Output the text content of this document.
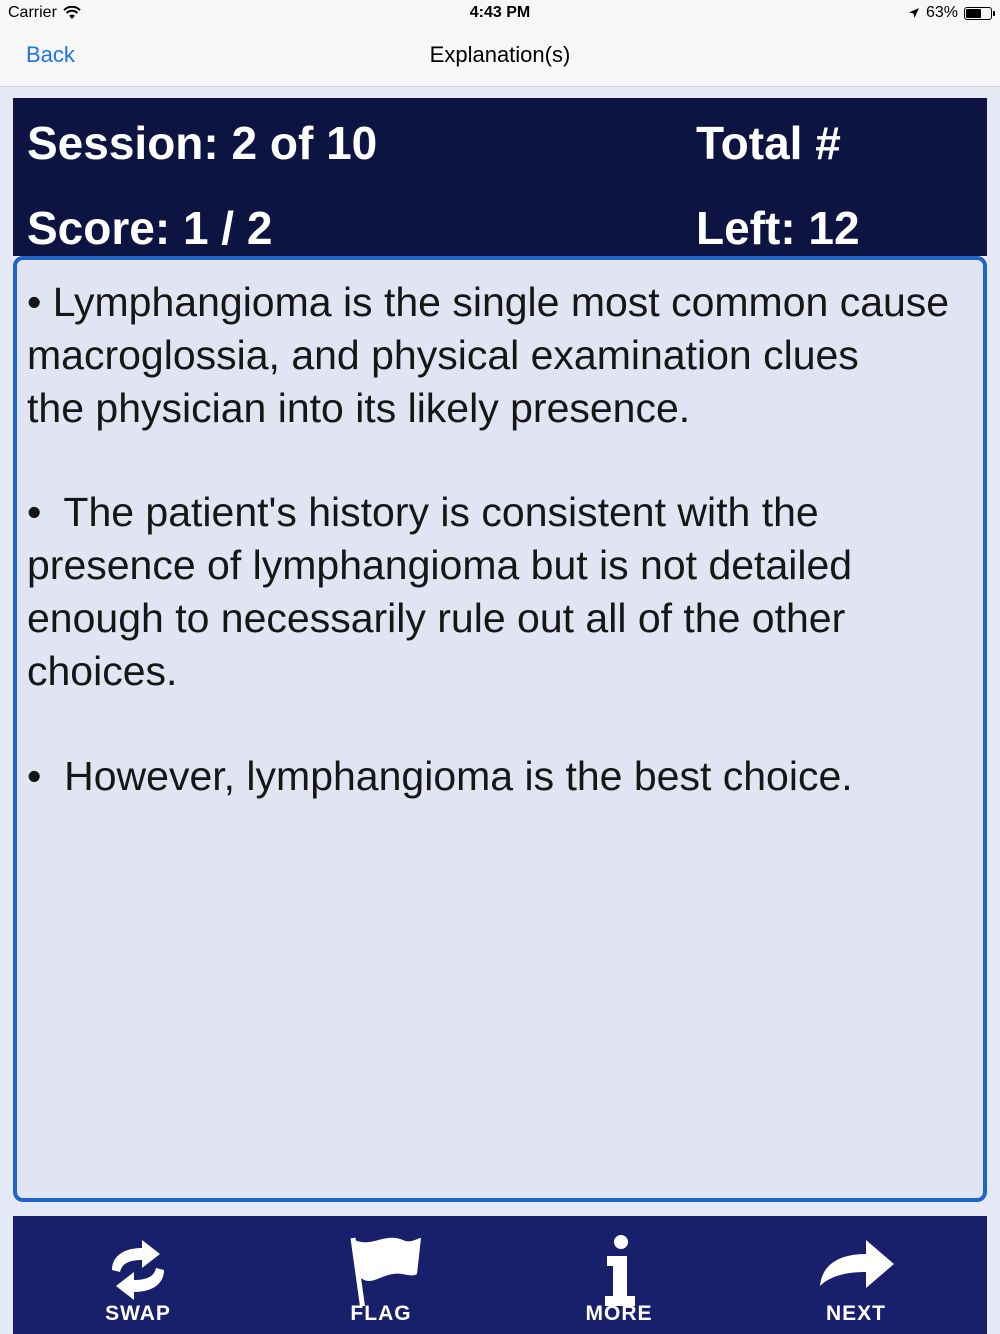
Carrier	4:43 PM	63%
Explanation(s)
Back
Session: 2 of 10
Score: 1 / 2
Total #
Left: 12
• Lymphangioma is the single most common cause
macroglossia, and physical examination clues
the physician into its likely presence.
•  The patient's history is consistent with the
presence of lymphangioma but is not detailed
enough to necessarily rule out all of the other
choices.
•  However, lymphangioma is the best choice.
SWAP	FLAG	MORE	NEXT
